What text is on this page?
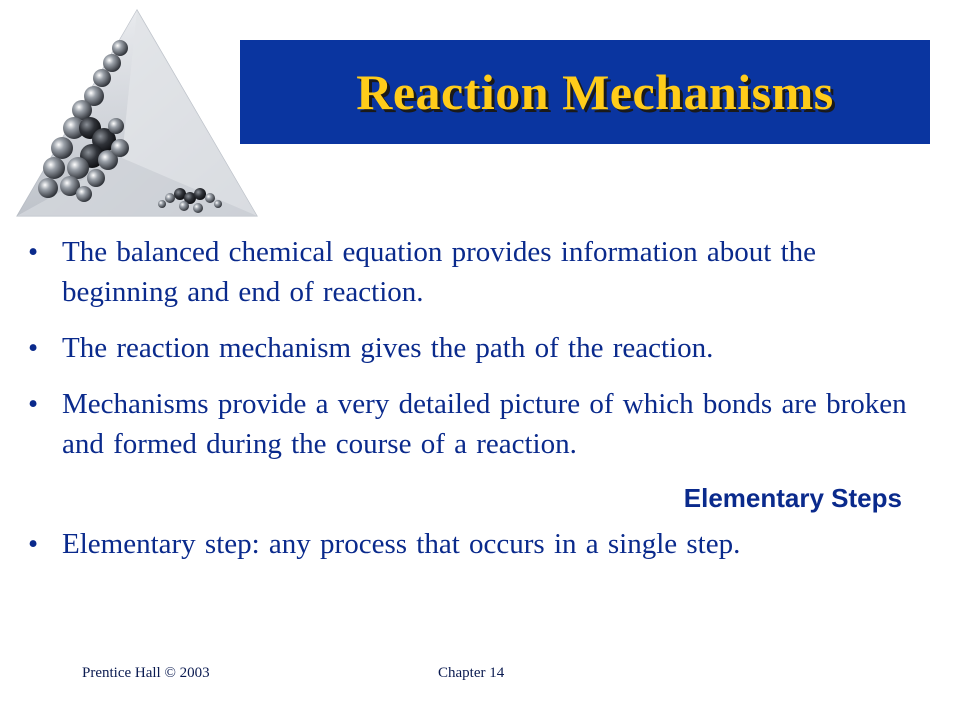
Reaction Mechanisms
• The balanced chemical equation provides information about the beginning and end of reaction.
• The reaction mechanism gives the path of the reaction.
• Mechanisms provide a very detailed picture of which bonds are broken and formed during the course of a reaction.
Elementary Steps
• Elementary step: any process that occurs in a single step.
Prentice Hall © 2003	Chapter 14
